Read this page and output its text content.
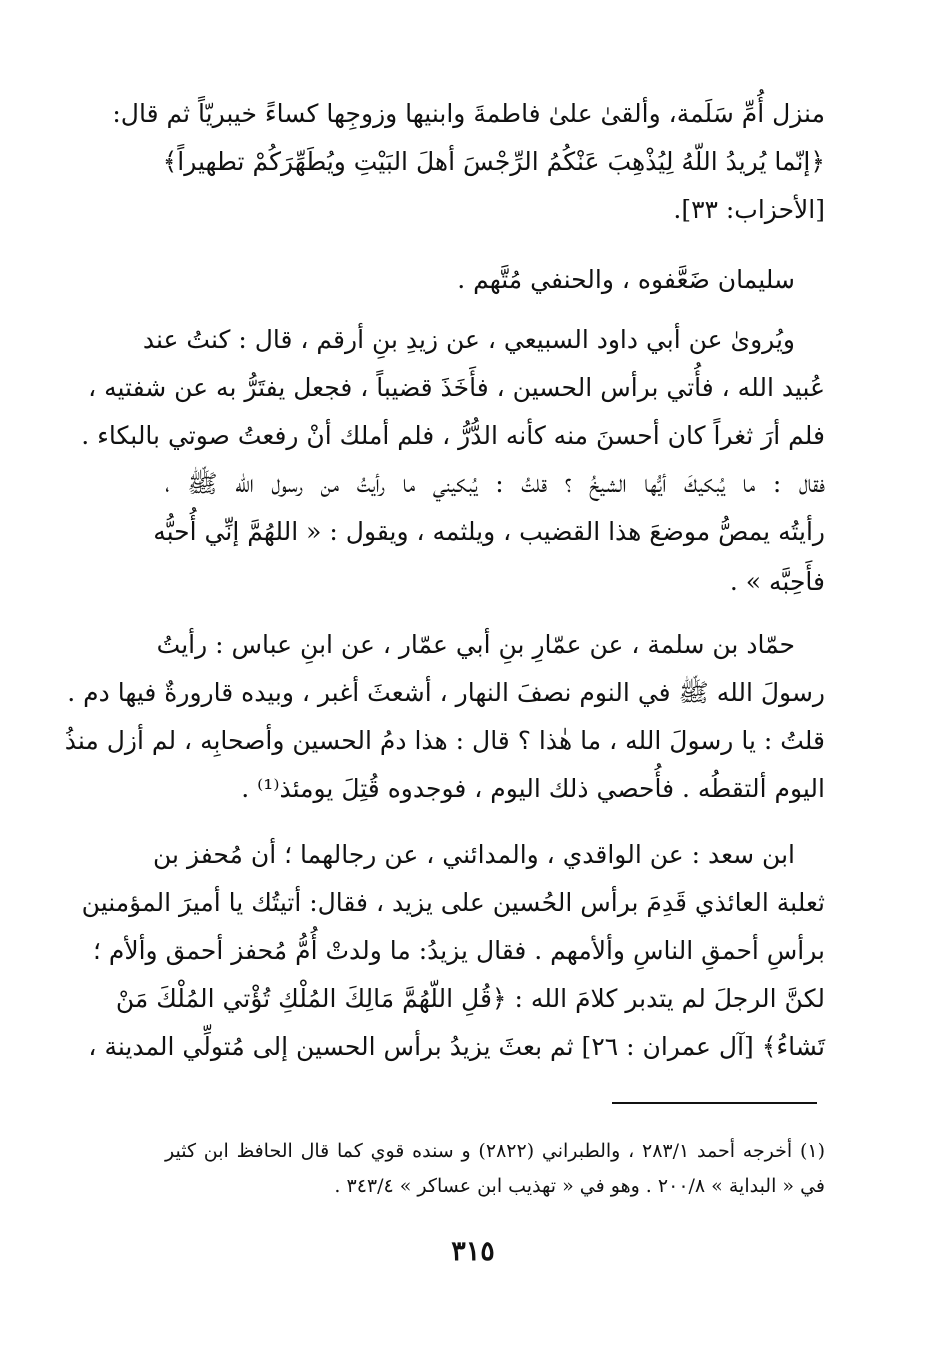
منزل أُمِّ سَلَمة، وألقىٰ علىٰ فاطمةَ وابنيها وزوجِها كساءً خيبريّاً ثم قال:
﴿إنّما يُريدُ اللّهُ لِيُذْهِبَ عَنْكُمُ الرِّجْسَ أهلَ البَيْتِ ويُطَهِّرَكُمْ تطهيراً﴾
[الأحزاب: ٣٣].
سليمان ضَعَّفوه ، والحنفي مُتَّهم .
ويُروىٰ عن أبي داود السبيعي ، عن زيدِ بنِ أرقم ، قال : كنتُ عند
عُبيد الله ، فأُتي برأس الحسين ، فأَخَذَ قضيباً ، فجعل يفتَرُّ به عن شفتيه ،
فلم أرَ ثغراً كان أحسنَ منه كأنه الدُّرُّ ، فلم أملك أنْ رفعتُ صوتي بالبكاء .
فقال : ما يُبكيكَ أيُّها الشيخُ ؟ قلتُ : يُبكيني ما رأيتُ من رسول الله ﷺ ،
رأيتُه يمصُّ موضعَ هذا القضيب ، ويلثمه ، ويقول : « اللهُمَّ إنِّي أُحبُّه
فأَحِبَّه » .
حمّاد بن سلمة ، عن عمّارِ بنِ أبي عمّار ، عن ابنِ عباس : رأيتُ
رسولَ الله ﷺ في النوم نصفَ النهار ، أشعثَ أغبر ، وبيده قارورةٌ فيها دم .
قلتُ : يا رسولَ الله ، ما هٰذا ؟ قال : هذا دمُ الحسين وأصحابِه ، لم أزل منذُ
اليوم ألتقطُه . فأُحصي ذلك اليوم ، فوجدوه قُتِلَ يومئذ⁽¹⁾ .
ابن سعد : عن الواقدي ، والمدائني ، عن رجالهما ؛ أن مُحفز بن
ثعلبة العائذي قَدِمَ برأس الحُسين على يزيد ، فقال: أتيتُك يا أميرَ المؤمنين
برأسِ أحمقِ الناسِ وألأمهم . فقال يزيدُ: ما ولدتْ أُمُّ مُحفز أحمق وألأم ؛
لكنَّ الرجلَ لم يتدبر كلامَ الله : ﴿قُلِ اللّهُمَّ مَالِكَ المُلْكِ تُؤْتي المُلْكَ مَنْ
تَشاءُ﴾ [آل عمران : ٢٦] ثم بعثَ يزيدُ برأس الحسين إلى مُتولِّي المدينة ،
(١) أخرجه أحمد ٢٨٣/١ ، والطبراني (٢٨٢٢) و سنده قوي كما قال الحافظ ابن كثير
في « البداية » ٢٠٠/٨ . وهو في « تهذيب ابن عساكر » ٣٤٣/٤ .
٣١٥
